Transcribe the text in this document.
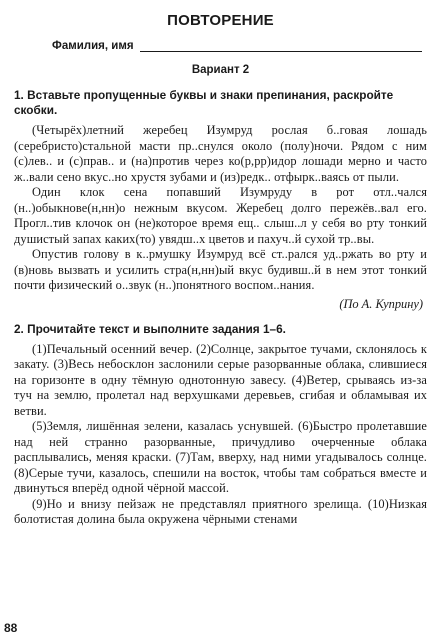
ПОВТОРЕНИЕ
Фамилия, имя
Вариант 2
1. Вставьте пропущенные буквы и знаки препинания, раскройте скобки.

(Четырёх)летний жеребец Изумруд рослая б..говая лошадь (серебристо)стальной масти пр..снулся около (полу)ночи. Рядом с ним (с)лев.. и (с)прав.. и (на)против через ко(р,рр)идор лошади мерно и часто ж..вали сено вкус..но хрустя зубами и (из)редк.. отфырк..ваясь от пыли.

Один клок сена попавший Изумруду в рот отл..чался (н..)обыкнове(н,нн)о нежным вкусом. Жеребец долго пережёв..вал его. Прогл..тив клочок он (не)которое время ещ.. слыш..л у себя во рту тонкий душистый запах каких(то) увядш..х цветов и пахуч..й сухой тр..вы.

Опустив голову в к..рмушку Изумруд всё ст..рался уд..ржать во рту и (в)новь вызвать и усилить стра(н,нн)ый вкус будивш..й в нем этот тонкий почти физический о..звук (н..)понятного воспом..нания.

(По А. Куприну)
2. Прочитайте текст и выполните задания 1–6.

(1)Печальный осенний вечер. (2)Солнце, закрытое тучами, склонялось к закату. (3)Весь небосклон заслонили серые разорванные облака, слившиеся на горизонте в одну тёмную однотонную завесу. (4)Ветер, срываясь из-за туч на землю, пролетал над верхушками деревьев, сгибая и обламывая их ветви.

(5)Земля, лишённая зелени, казалась уснувшей. (6)Быстро пролетавшие над ней странно разорванные, причудливо очерченные облака расплывались, меняя краски. (7)Там, вверху, над ними угадывалось солнце. (8)Серые тучи, казалось, спешили на восток, чтобы там собраться вместе и двинуться вперёд одной чёрной массой.

(9)Но и внизу пейзаж не представлял приятного зрелища. (10)Низкая болотистая долина была окружена чёрными стенами

88
